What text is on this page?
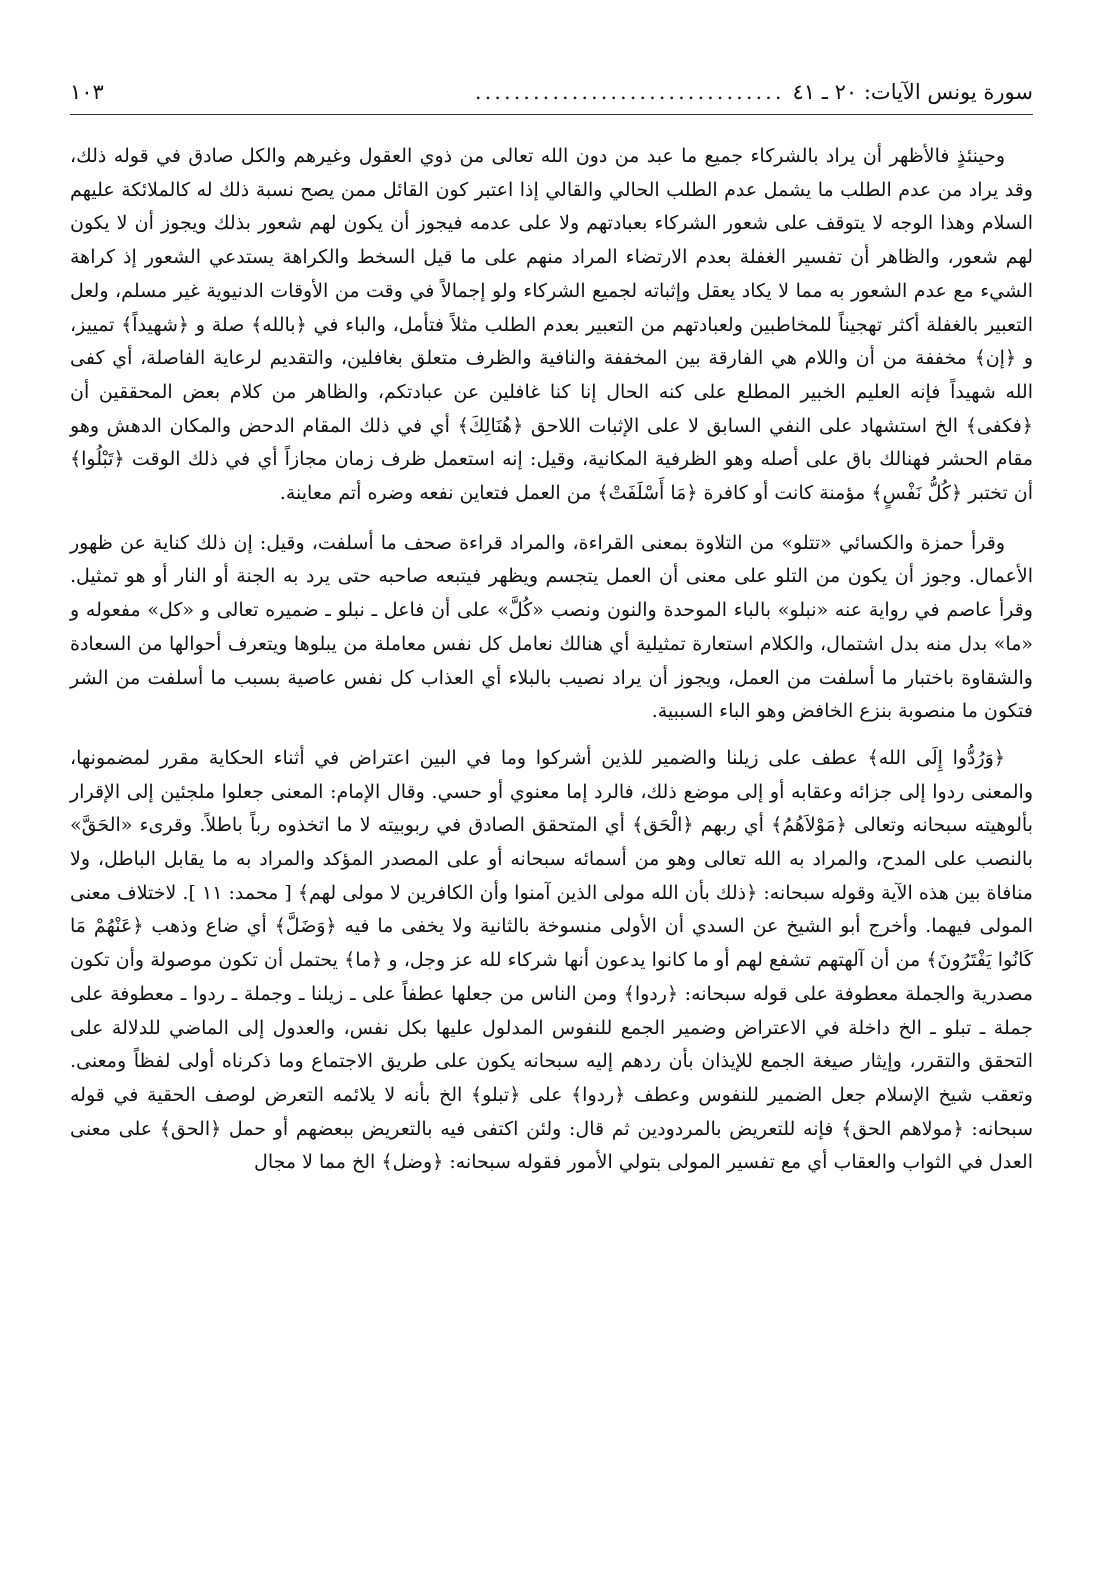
سورة يونس الآيات: ٢٠ ـ ٤١
................................
١٠٣

وحينئذٍ فالأظهر أن يراد بالشركاء جميع ما عبد من دون الله تعالى من ذوي العقول وغيرهم والكل صادق في قوله ذلك، وقد يراد من عدم الطلب ما يشمل عدم الطلب الحالي والقالي إذا اعتبر كون القائل ممن يصح نسبة ذلك له كالملائكة عليهم السلام وهذا الوجه لا يتوقف على شعور الشركاء بعبادتهم ولا على عدمه فيجوز أن يكون لهم شعور بذلك ويجوز أن لا يكون لهم شعور، والظاهر أن تفسير الغفلة بعدم الارتضاء المراد منهم على ما قيل السخط والكراهة يستدعي الشعور إذ كراهة الشيء مع عدم الشعور به مما لا يكاد يعقل وإثباته لجميع الشركاء ولو إجمالاً في وقت من الأوقات الدنيوية غير مسلم، ولعل التعبير بالغفلة أكثر تهجيناً للمخاطبين ولعبادتهم من التعبير بعدم الطلب مثلاً فتأمل، والباء في ﴿بالله﴾ صلة و ﴿شهيداً﴾ تمييز، و ﴿إن﴾ مخففة من أن واللام هي الفارقة بين المخففة والنافية والظرف متعلق بغافلين، والتقديم لرعاية الفاصلة، أي كفى الله شهيداً فإنه العليم الخبير المطلع على كنه الحال إنا كنا غافلين عن عبادتكم، والظاهر من كلام بعض المحققين أن ﴿فكفى﴾ الخ استشهاد على النفي السابق لا على الإثبات اللاحق ﴿هُنَالِكَ﴾ أي في ذلك المقام الدحض والمكان الدهش وهو مقام الحشر فهنالك باق على أصله وهو الظرفية المكانية، وقيل: إنه استعمل ظرف زمان مجازاً أي في ذلك الوقت ﴿تَبْلُوا﴾ أن تختبر ﴿كُلُّ نَفْسٍ﴾ مؤمنة كانت أو كافرة ﴿مَا أَسْلَفَتْ﴾ من العمل فتعاين نفعه وضره أتم معاينة.

وقرأ حمزة والكسائي «تتلو» من التلاوة بمعنى القراءة، والمراد قراءة صحف ما أسلفت، وقيل: إن ذلك كناية عن ظهور الأعمال. وجوز أن يكون من التلو على معنى أن العمل يتجسم ويظهر فيتبعه صاحبه حتى يرد به الجنة أو النار أو هو تمثيل. وقرأ عاصم في رواية عنه «نبلو» بالباء الموحدة والنون ونصب «كُلَّ» على أن فاعل ـ نبلو ـ ضميره تعالى و «كل» مفعوله و «ما» بدل منه بدل اشتمال، والكلام استعارة تمثيلية أي هنالك نعامل كل نفس معاملة من يبلوها ويتعرف أحوالها من السعادة والشقاوة باختبار ما أسلفت من العمل، ويجوز أن يراد نصيب بالبلاء أي العذاب كل نفس عاصية بسبب ما أسلفت من الشر فتكون ما منصوبة بنزع الخافض وهو الباء السببية.

﴿وَرُدُّوا إِلَى الله﴾ عطف على زيلنا والضمير للذين أشركوا وما في البين اعتراض في أثناء الحكاية مقرر لمضمونها، والمعنى ردوا إلى جزائه وعقابه أو إلى موضع ذلك، فالرد إما معنوي أو حسي. وقال الإمام: المعنى جعلوا ملجئين إلى الإقرار بألوهيته سبحانه وتعالى ﴿مَوْلاَهُمُ﴾ أي ربهم ﴿الْحَق﴾ أي المتحقق الصادق في ربوبيته لا ما اتخذوه رباً باطلاً. وقرىء «الحَقَّ» بالنصب على المدح، والمراد به الله تعالى وهو من أسمائه سبحانه أو على المصدر المؤكد والمراد به ما يقابل الباطل، ولا منافاة بين هذه الآية وقوله سبحانه: ﴿ذلك بأن الله مولى الذين آمنوا وأن الكافرين لا مولى لهم﴾ [ محمد: ١١ ]. لاختلاف معنى المولى فيهما. وأخرج أبو الشيخ عن السدي أن الأولى منسوخة بالثانية ولا يخفى ما فيه ﴿وَضَلَّ﴾ أي ضاع وذهب ﴿عَنْهُمْ مَا كَانُوا يَفْتَرُونَ﴾ من أن آلهتهم تشفع لهم أو ما كانوا يدعون أنها شركاء لله عز وجل، و ﴿ما﴾ يحتمل أن تكون موصولة وأن تكون مصدرية والجملة معطوفة على قوله سبحانه: ﴿ردوا﴾ ومن الناس من جعلها عطفاً على ـ زيلنا ـ وجملة ـ ردوا ـ معطوفة على جملة ـ تبلو ـ الخ داخلة في الاعتراض وضمير الجمع للنفوس المدلول عليها بكل نفس، والعدول إلى الماضي للدلالة على التحقق والتقرر، وإيثار صيغة الجمع للإيذان بأن ردهم إليه سبحانه يكون على طريق الاجتماع وما ذكرناه أولى لفظاً ومعنى. وتعقب شيخ الإسلام جعل الضمير للنفوس وعطف ﴿ردوا﴾ على ﴿تبلو﴾ الخ بأنه لا يلائمه التعرض لوصف الحقية في قوله سبحانه: ﴿مولاهم الحق﴾ فإنه للتعريض بالمردودين ثم قال: ولئن اكتفى فيه بالتعريض ببعضهم أو حمل ﴿الحق﴾ على معنى العدل في الثواب والعقاب أي مع تفسير المولى بتولي الأمور فقوله سبحانه: ﴿وضل﴾ الخ مما لا مجال
